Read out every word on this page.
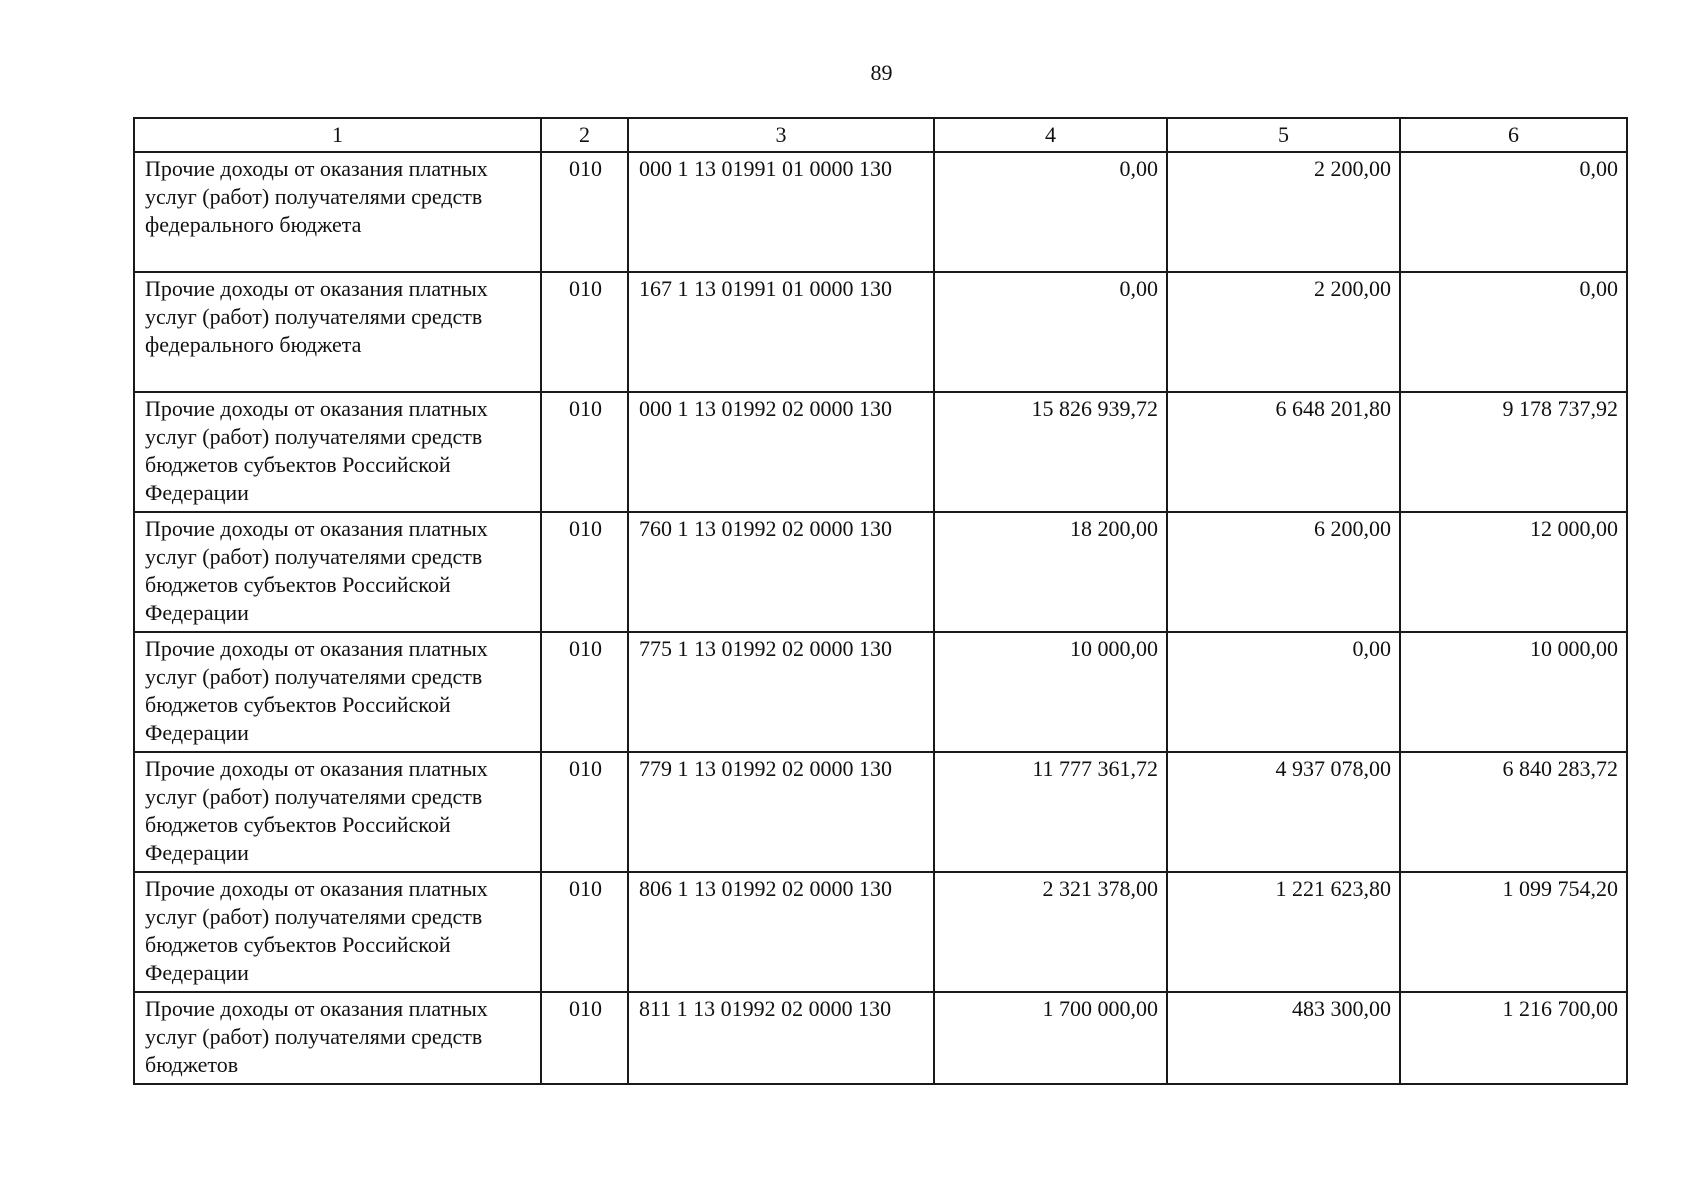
89
1	2	3	4	5	6
Прочие доходы от оказания платных услуг (работ) получателями средств федерального бюджета	010	000 1 13 01991 01 0000 130	0,00	2 200,00	0,00
Прочие доходы от оказания платных услуг (работ) получателями средств федерального бюджета	010	167 1 13 01991 01 0000 130	0,00	2 200,00	0,00
Прочие доходы от оказания платных услуг (работ) получателями средств бюджетов субъектов Российской Федерации	010	000 1 13 01992 02 0000 130	15 826 939,72	6 648 201,80	9 178 737,92
Прочие доходы от оказания платных услуг (работ) получателями средств бюджетов субъектов Российской Федерации	010	760 1 13 01992 02 0000 130	18 200,00	6 200,00	12 000,00
Прочие доходы от оказания платных услуг (работ) получателями средств бюджетов субъектов Российской Федерации	010	775 1 13 01992 02 0000 130	10 000,00	0,00	10 000,00
Прочие доходы от оказания платных услуг (работ) получателями средств бюджетов субъектов Российской Федерации	010	779 1 13 01992 02 0000 130	11 777 361,72	4 937 078,00	6 840 283,72
Прочие доходы от оказания платных услуг (работ) получателями средств бюджетов субъектов Российской Федерации	010	806 1 13 01992 02 0000 130	2 321 378,00	1 221 623,80	1 099 754,20
Прочие доходы от оказания платных услуг (работ) получателями средств бюджетов	010	811 1 13 01992 02 0000 130	1 700 000,00	483 300,00	1 216 700,00
